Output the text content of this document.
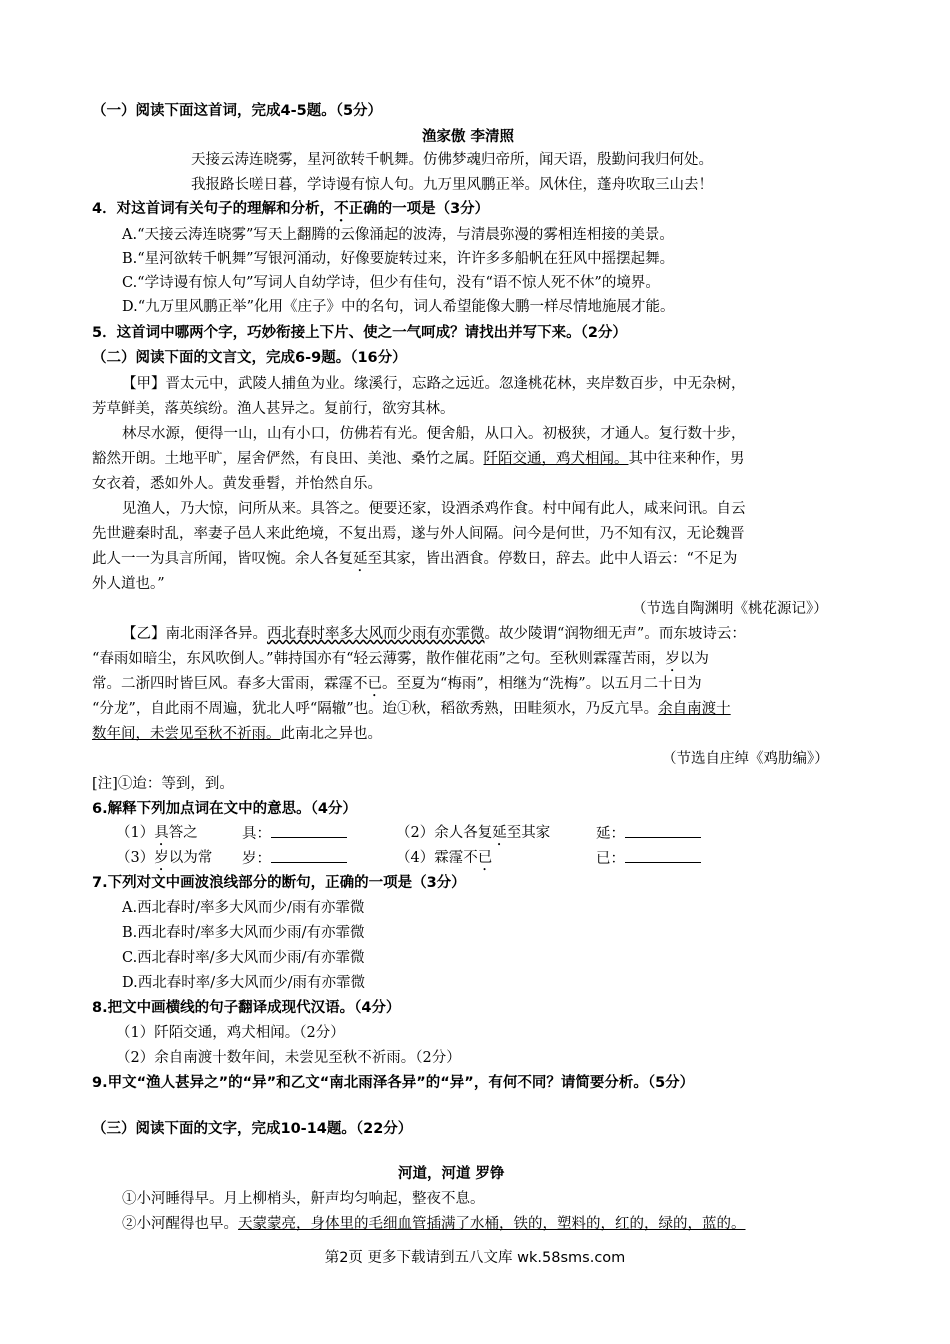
（一）阅读下面这首词，完成4-5题。（5分）
渔家傲 李清照
天接云涛连晓雾，星河欲转千帆舞。仿佛梦魂归帝所，闻天语，殷勤问我归何处。
我报路长嗟日暮，学诗谩有惊人句。九万里风鹏正举。风休住，蓬舟吹取三山去！
4．对这首词有关句子的理解和分析，不正确的一项是（3分）
A.“天接云涛连晓雾”写天上翻腾的云像涌起的波涛，与清晨弥漫的雾相连相接的美景。
B.“星河欲转千帆舞”写银河涌动，好像要旋转过来，许许多多船帆在狂风中摇摆起舞。
C.“学诗谩有惊人句”写词人自幼学诗，但少有佳句，没有“语不惊人死不休”的境界。
D.“九万里风鹏正举”化用《庄子》中的名句，词人希望能像大鹏一样尽情地施展才能。
5．这首词中哪两个字，巧妙衔接上下片、使之一气呵成？请找出并写下来。（2分）
（二）阅读下面的文言文，完成6-9题。（16分）
【甲】晋太元中，武陵人捕鱼为业。缘溪行，忘路之远近。忽逢桃花林，夹岸数百步，中无杂树，
芳草鲜美，落英缤纷。渔人甚异之。复前行，欲穷其林。
林尽水源，便得一山，山有小口，仿佛若有光。便舍船，从口入。初极狭，才通人。复行数十步，
豁然开朗。土地平旷，屋舍俨然，有良田、美池、桑竹之属。阡陌交通，鸡犬相闻。其中往来种作，男
女衣着，悉如外人。黄发垂髫，并怡然自乐。
见渔人，乃大惊，问所从来。具答之。便要还家，设酒杀鸡作食。村中闻有此人，咸来问讯。自云
先世避秦时乱，率妻子邑人来此绝境，不复出焉，遂与外人间隔。问今是何世，乃不知有汉，无论魏晋
此人一一为具言所闻，皆叹惋。余人各复延至其家，皆出酒食。停数日，辞去。此中人语云：“不足为
外人道也。”
（节选自陶渊明《桃花源记》）
【乙】南北雨泽各异。西北春时率多大风而少雨有亦霏微。故少陵谓“润物细无声”。而东坡诗云：
“春雨如暗尘，东风吹倒人。”韩持国亦有“轻云薄雾，散作催花雨”之句。至秋则霖霪苦雨，岁以为
常。二浙四时皆巨风。春多大雷雨，霖霪不已。至夏为“梅雨”，相继为“洗梅”。以五月二十日为
“分龙”，自此雨不周遍，犹北人呼“隔辙”也。迨①秋，稻欲秀熟，田畦须水，乃反亢旱。余自南渡十
数年间，未尝见至秋不祈雨。此南北之异也。
（节选自庄绰《鸡肋编》）
[注]①迨：等到，到。
6.解释下列加点词在文中的意思。（4分）
（1）具答之	具：	（2）余人各复延至其家	延：
（3）岁以为常 岁：	（4）霖霪不已	已：
7.下列对文中画波浪线部分的断句，正确的一项是（3分）
A.西北春时/率多大风而少/雨有亦霏微
B.西北春时/率多大风而少雨/有亦霏微
C.西北春时率/多大风而少雨/有亦霏微
D.西北春时率/多大风而少/雨有亦霏微
8.把文中画横线的句子翻译成现代汉语。（4分）
（1）阡陌交通，鸡犬相闻。（2分）
（2）余自南渡十数年间，未尝见至秋不祈雨。（2分）
9.甲文“渔人甚异之”的“异”和乙文“南北雨泽各异”的“异”，有何不同？请简要分析。（5分）
（三）阅读下面的文字，完成10-14题。（22分）
河道，河道 罗铮
①小河睡得早。月上柳梢头，鼾声均匀响起，整夜不息。
②小河醒得也早。天蒙蒙亮，身体里的毛细血管插满了水桶，铁的，塑料的，红的，绿的，蓝的。
第2页 更多下载请到五八文库 wk.58sms.com
